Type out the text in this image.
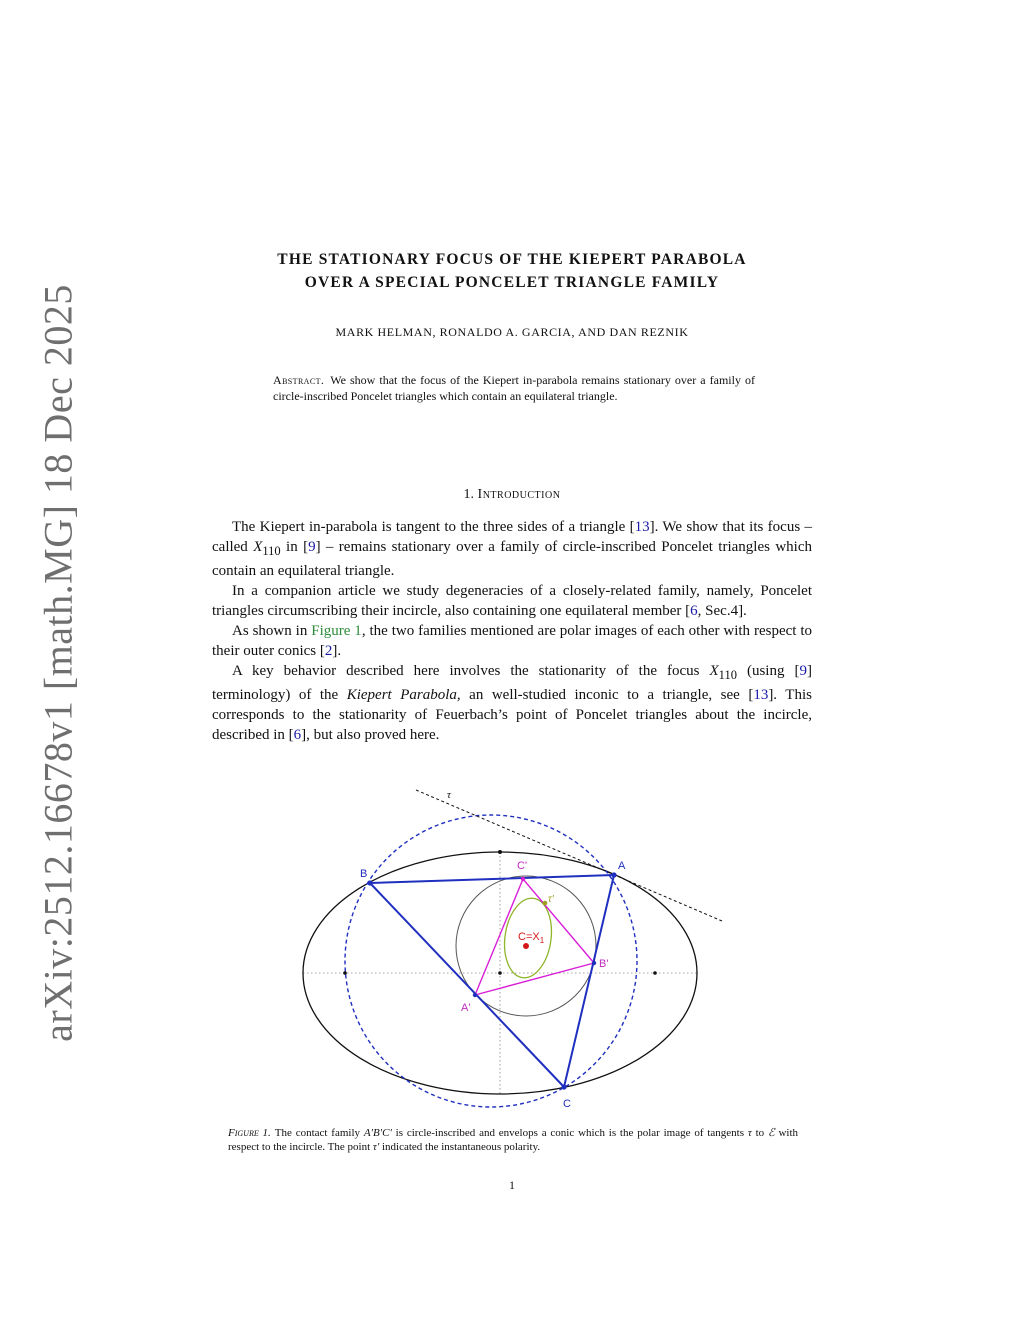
arXiv:2512.16678v1 [math.MG] 18 Dec 2025
THE STATIONARY FOCUS OF THE KIEPERT PARABOLA
OVER A SPECIAL PONCELET TRIANGLE FAMILY
MARK HELMAN, RONALDO A. GARCIA, AND DAN REZNIK
Abstract. We show that the focus of the Kiepert in-parabola remains stationary over a family of circle-inscribed Poncelet triangles which contain an equilateral triangle.
1. Introduction

The Kiepert in-parabola is tangent to the three sides of a triangle [13]. We show that its focus – called $X_{110}$ in [9] – remains stationary over a family of circle-inscribed Poncelet triangles which contain an equilateral triangle.

In a companion article we study degeneracies of a closely-related family, namely, Poncelet triangles circumscribing their incircle, also containing one equilateral member [6, Sec.4].

As shown in Figure 1, the two families mentioned are polar images of each other with respect to their outer conics [2].

A key behavior described here involves the stationarity of the focus $X_{110}$ (using [9] terminology) of the Kiepert Parabola, an well-studied inconic to a triangle, see [13]. This corresponds to the stationarity of Feuerbach’s point of Poncelet triangles about the incircle, described in [6], but also proved here.

A
B
C
A'
B'
C'
$C=X_1$
τ'
τ
Figure 1. The contact family A′B′C′ is circle-inscribed and envelops a conic which is the polar image of tangents τ to ℰ with respect to the incircle. The point τ′ indicated the instantaneous polarity.
1
